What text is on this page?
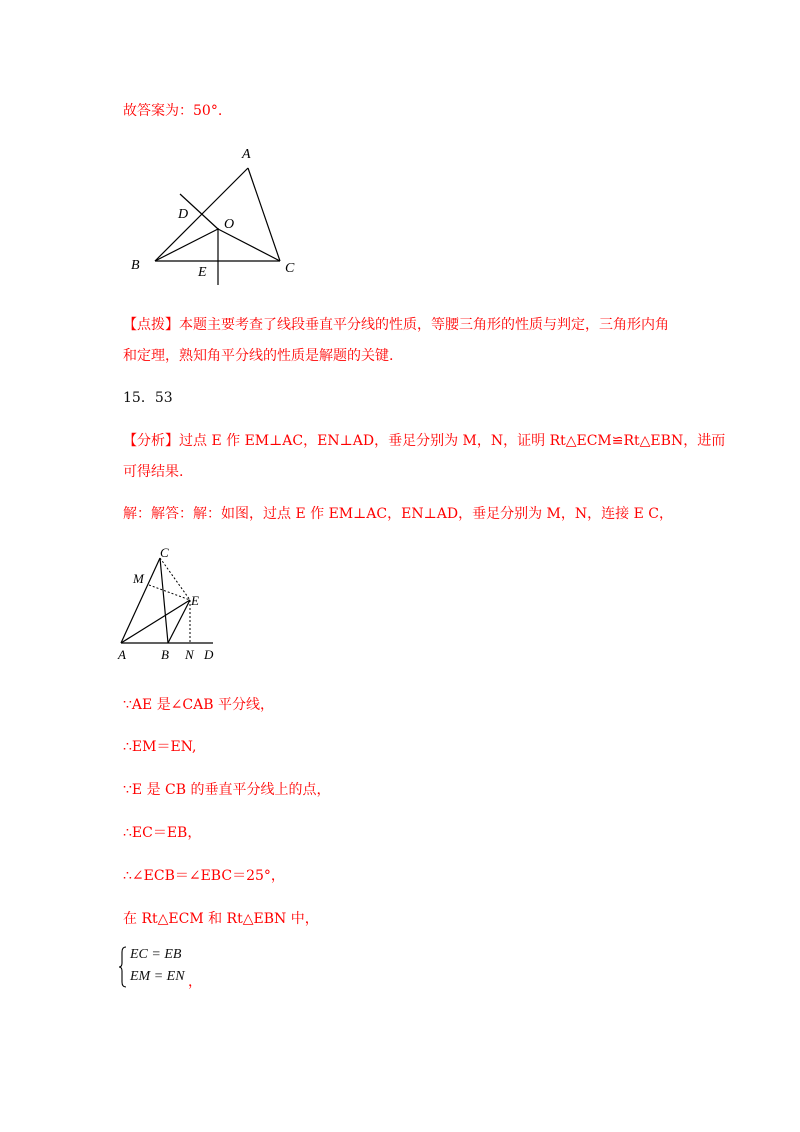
故答案为：50°.
A
D
O
B	E	C
【点拨】本题主要考查了线段垂直平分线的性质，等腰三角形的性质与判定，三角形内角
和定理，熟知角平分线的性质是解题的关键.
15．53
【分析】过点 E 作 EM⊥AC，EN⊥AD，垂足分别为 M，N，证明 Rt△ECM≌Rt△EBN，进而
可得结果.
解：解答：解：如图，过点 E 作 EM⊥AC，EN⊥AD，垂足分别为 M，N，连接 E C，
C
M
E
A	B N D
∵AE 是∠CAB 平分线，
∴EM＝EN,
∵E 是 CB 的垂直平分线上的点，
∴EC＝EB，
∴∠ECB＝∠EBC＝25°，
在 Rt△ECM 和 Rt△EBN 中，
EC = EB
EM = EN ，
